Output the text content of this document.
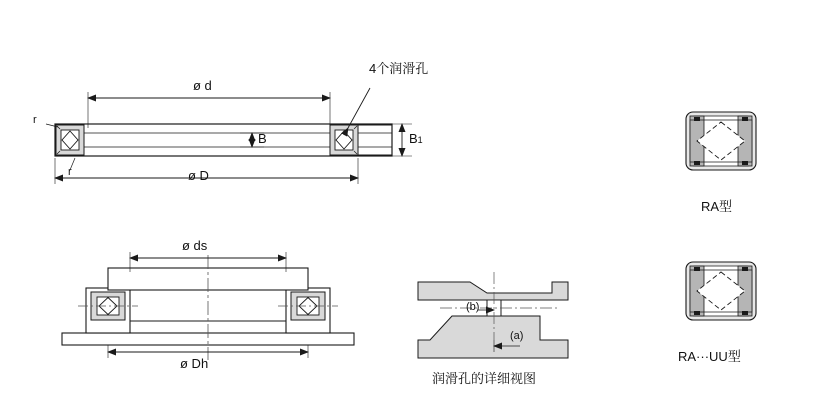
4个润滑孔
ø d
ø D
B	B1
r
r
ø ds
ø Dh
(b)
(a)
润滑孔的详细视图
RA型
RA···UU型
